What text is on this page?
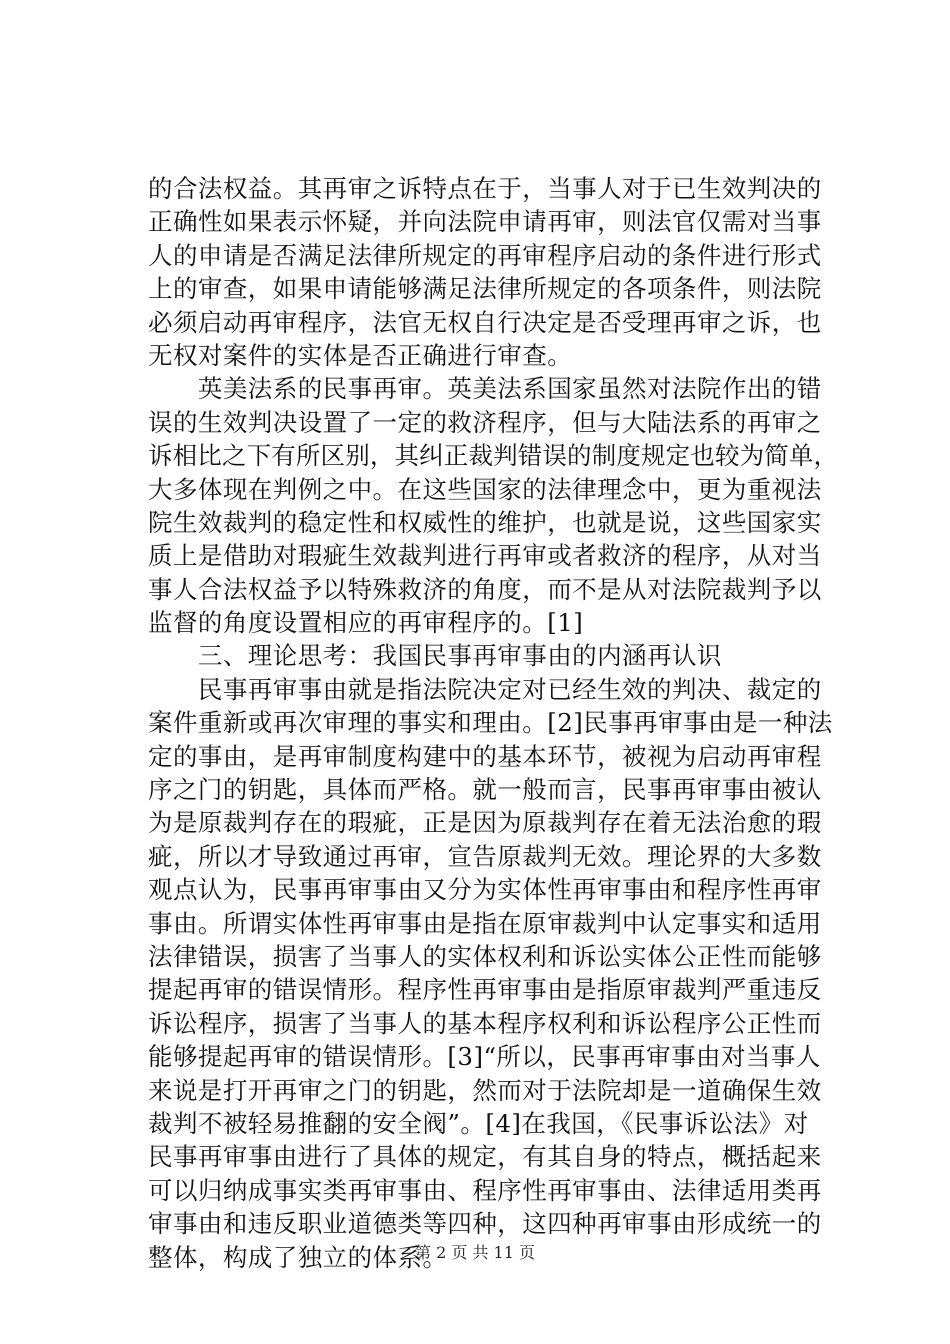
的合法权益。其再审之诉特点在于，当事人对于已生效判决的
正确性如果表示怀疑，并向法院申请再审，则法官仅需对当事
人的申请是否满足法律所规定的再审程序启动的条件进行形式
上的审查，如果申请能够满足法律所规定的各项条件，则法院
必须启动再审程序，法官无权自行决定是否受理再审之诉，也
无权对案件的实体是否正确进行审查。
　　英美法系的民事再审。英美法系国家虽然对法院作出的错
误的生效判决设置了一定的救济程序，但与大陆法系的再审之
诉相比之下有所区别，其纠正裁判错误的制度规定也较为简单，
大多体现在判例之中。在这些国家的法律理念中，更为重视法
院生效裁判的稳定性和权威性的维护，也就是说，这些国家实
质上是借助对瑕疵生效裁判进行再审或者救济的程序，从对当
事人合法权益予以特殊救济的角度，而不是从对法院裁判予以
监督的角度设置相应的再审程序的。[1]
　　三、理论思考：我国民事再审事由的内涵再认识
　　民事再审事由就是指法院决定对已经生效的判决、裁定的
案件重新或再次审理的事实和理由。[2]民事再审事由是一种法
定的事由，是再审制度构建中的基本环节，被视为启动再审程
序之门的钥匙，具体而严格。就一般而言，民事再审事由被认
为是原裁判存在的瑕疵，正是因为原裁判存在着无法治愈的瑕
疵，所以才导致通过再审，宣告原裁判无效。理论界的大多数
观点认为，民事再审事由又分为实体性再审事由和程序性再审
事由。所谓实体性再审事由是指在原审裁判中认定事实和适用
法律错误，损害了当事人的实体权利和诉讼实体公正性而能够
提起再审的错误情形。程序性再审事由是指原审裁判严重违反
诉讼程序，损害了当事人的基本程序权利和诉讼程序公正性而
能够提起再审的错误情形。[3]“所以，民事再审事由对当事人
来说是打开再审之门的钥匙，然而对于法院却是一道确保生效
裁判不被轻易推翻的安全阀”。[4]在我国，《民事诉讼法》对
民事再审事由进行了具体的规定，有其自身的特点，概括起来
可以归纳成事实类再审事由、程序性再审事由、法律适用类再
审事由和违反职业道德类等四种，这四种再审事由形成统一的
整体，构成了独立的体系。
第 2 页 共 11 页
